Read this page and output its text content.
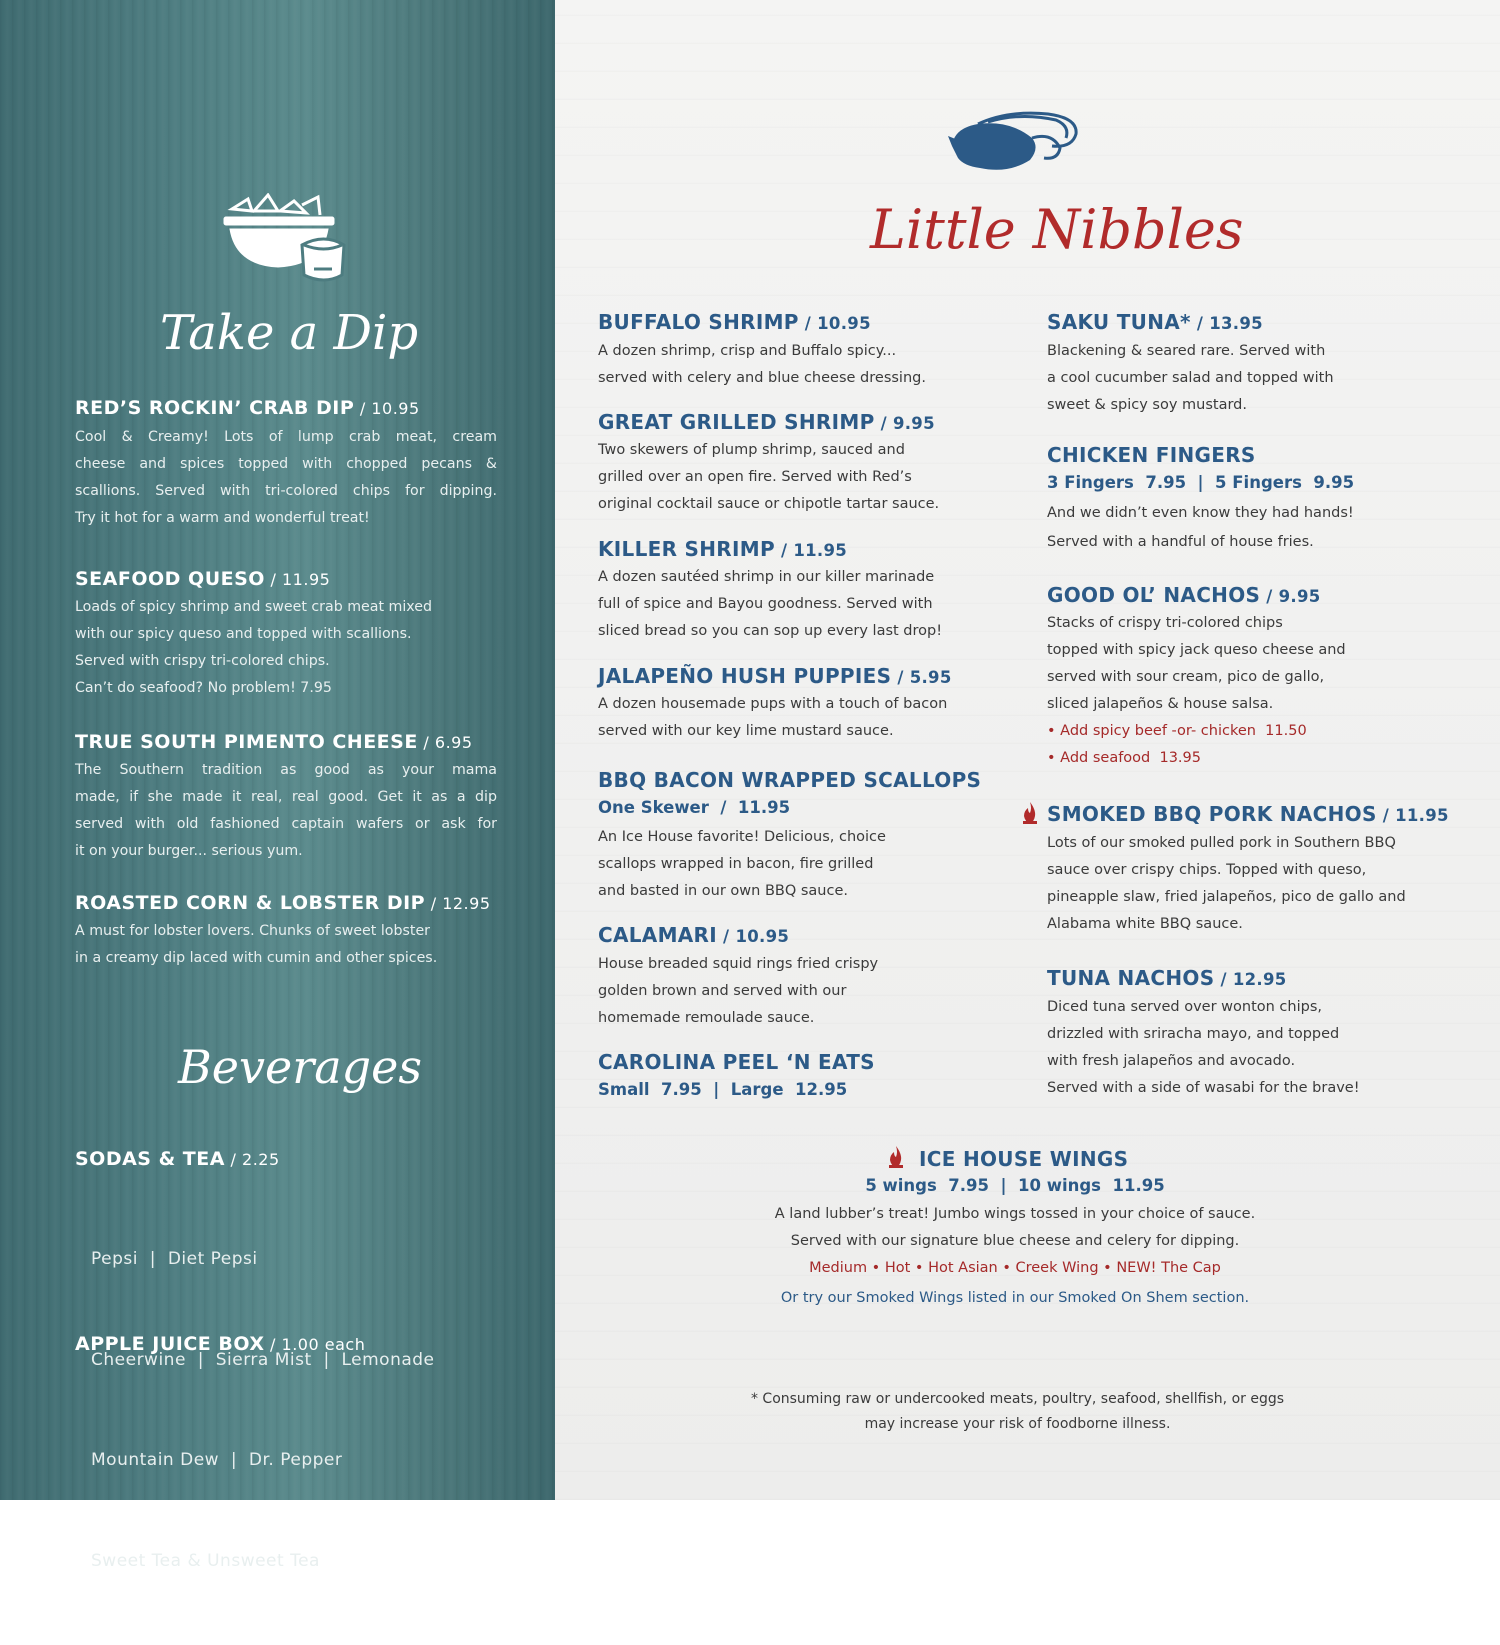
Take a Dip
RED’S ROCKIN’ CRAB DIP / 10.95
Cool & Creamy! Lots of lump crab meat, cream
cheese and spices topped with chopped pecans &
scallions. Served with tri-colored chips for dipping.
Try it hot for a warm and wonderful treat!
SEAFOOD QUESO / 11.95
Loads of spicy shrimp and sweet crab meat mixed
with our spicy queso and topped with scallions.
Served with crispy tri-colored chips.
Can’t do seafood? No problem! 7.95
TRUE SOUTH PIMENTO CHEESE / 6.95
The Southern tradition as good as your mama
made, if she made it real, real good. Get it as a dip
served with old fashioned captain wafers or ask for
it on your burger... serious yum.
ROASTED CORN & LOBSTER DIP / 12.95
A must for lobster lovers. Chunks of sweet lobster
in a creamy dip laced with cumin and other spices.
Beverages
SODAS & TEA / 2.25

Pepsi  |  Diet Pepsi

Cheerwine  |  Sierra Mist  |  Lemonade

Mountain Dew  |  Dr. Pepper

Sweet Tea & Unsweet Tea

APPLE JUICE BOX / 1.00 each
Little Nibbles
BUFFALO SHRIMP / 10.95
A dozen shrimp, crisp and Buffalo spicy...
served with celery and blue cheese dressing.
GREAT GRILLED SHRIMP / 9.95
Two skewers of plump shrimp, sauced and
grilled over an open fire. Served with Red’s
original cocktail sauce or chipotle tartar sauce.
KILLER SHRIMP / 11.95
A dozen sautéed shrimp in our killer marinade
full of spice and Bayou goodness. Served with
sliced bread so you can sop up every last drop!
JALAPEÑO HUSH PUPPIES / 5.95
A dozen housemade pups with a touch of bacon
served with our key lime mustard sauce.
BBQ BACON WRAPPED SCALLOPS
One Skewer  /  11.95
An Ice House favorite! Delicious, choice
scallops wrapped in bacon, fire grilled
and basted in our own BBQ sauce.
CALAMARI / 10.95
House breaded squid rings fried crispy
golden brown and served with our
homemade remoulade sauce.
CAROLINA PEEL ‘N EATS
Small  7.95  |  Large  12.95
SAKU TUNA* / 13.95
Blackening & seared rare. Served with
a cool cucumber salad and topped with
sweet & spicy soy mustard.
CHICKEN FINGERS
3 Fingers  7.95  |  5 Fingers  9.95
And we didn’t even know they had hands!
Served with a handful of house fries.
GOOD OL’ NACHOS / 9.95
Stacks of crispy tri-colored chips
topped with spicy jack queso cheese and
served with sour cream, pico de gallo,
sliced jalapeños & house salsa.
• Add spicy beef -or- chicken  11.50
• Add seafood  13.95
SMOKED BBQ PORK NACHOS / 11.95
Lots of our smoked pulled pork in Southern BBQ
sauce over crispy chips. Topped with queso,
pineapple slaw, fried jalapeños, pico de gallo and
Alabama white BBQ sauce.
TUNA NACHOS / 12.95
Diced tuna served over wonton chips,
drizzled with sriracha mayo, and topped
with fresh jalapeños and avocado.
Served with a side of wasabi for the brave!
ICE HOUSE WINGS
5 wings  7.95  |  10 wings  11.95
A land lubber’s treat! Jumbo wings tossed in your choice of sauce.
Served with our signature blue cheese and celery for dipping.
Medium • Hot • Hot Asian • Creek Wing • NEW! The Cap
Or try our Smoked Wings listed in our Smoked On Shem section.
* Consuming raw or undercooked meats, poultry, seafood, shellfish, or eggs
may increase your risk of foodborne illness.
